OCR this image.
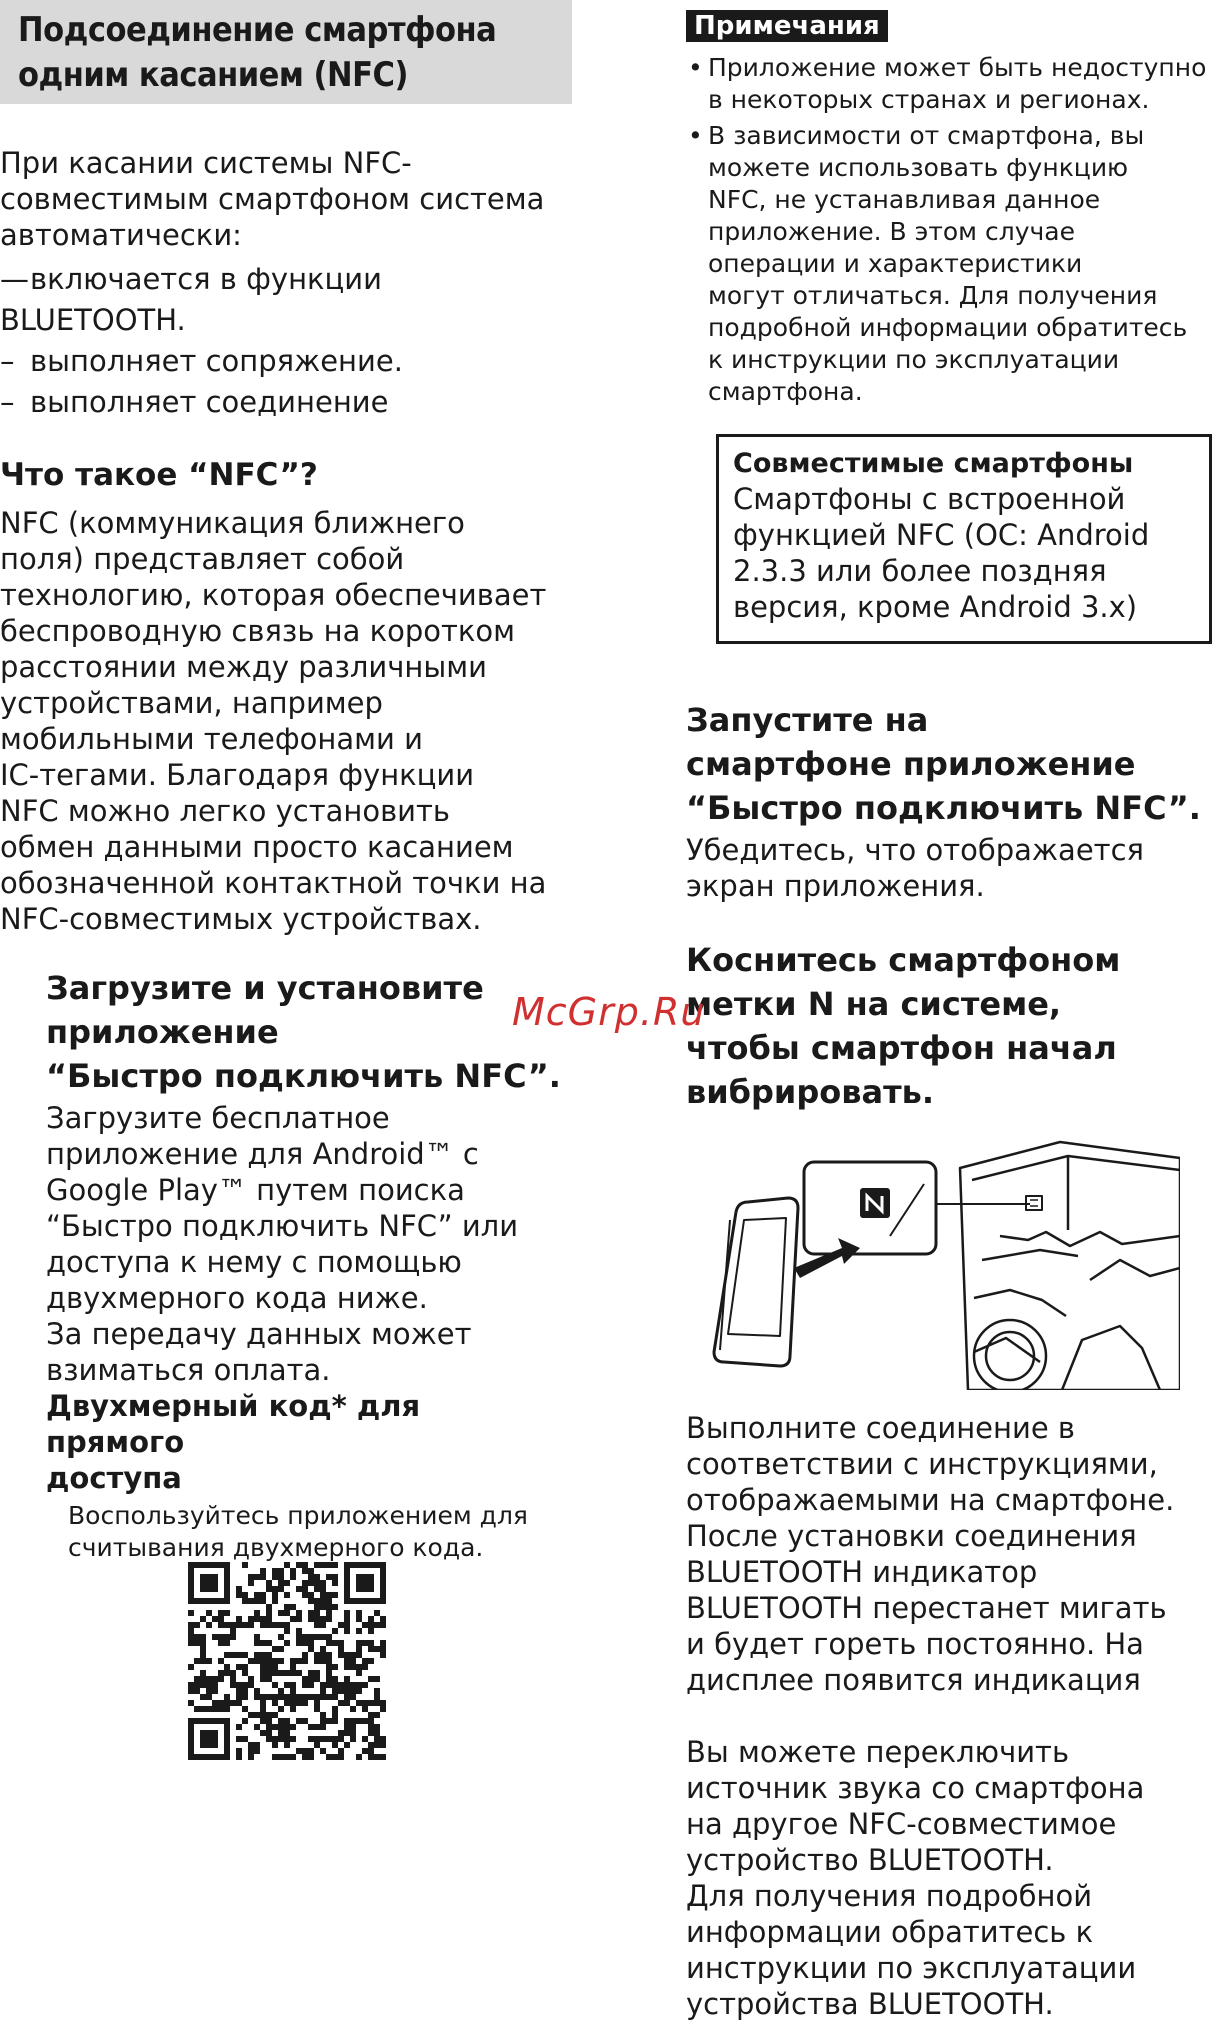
Подсоединение смартфона
одним касанием (NFC)

При касании системы NFC-

совместимым смартфоном система

автоматически:

—включается в функции BLUETOOTH.
– выполняет сопряжение.
– выполняет соединение
Что такое “NFC”?
NFC (коммуникация ближнего
поля) представляет собой
технологию, которая обеспечивает
беспроводную связь на коротком
расстоянии между различными
устройствами, например
мобильными телефонами и
IC-тегами. Благодаря функции
NFC можно легко установить
обмен данными просто касанием
обозначенной контактной точки на
NFC-совместимых устройствах.
Загрузите и установите
приложение
“Быстро подключить NFC”.
Загрузите бесплатное
приложение для Android™ с
Google Play™ путем поиска
“Быстро подключить NFC” или
доступа к нему с помощью
двухмерного кода ниже.
За передачу данных может
взиматься оплата.
Двухмерный код* для прямого
доступа
Воспользуйтесь приложением для
считывания двухмерного кода.
Примечания
• Приложение может быть недоступно
в некоторых странах и регионах.
• В зависимости от смартфона, вы
можете использовать функцию
NFC, не устанавливая данное
приложение. В этом случае
операции и характеристики
могут отличаться. Для получения
подробной информации обратитесь
к инструкции по эксплуатации
смартфона.

Совместимые смартфоны

Смартфоны с встроенной
функцией NFC (ОС: Android
2.3.3 или более поздняя
версия, кроме Android 3.x)
Запустите на
смартфоне приложение
“Быстро подключить NFC”.
Убедитесь, что отображается
экран приложения.
Коснитесь смартфоном
метки N на системе,
чтобы смартфон начал
вибрировать.
Выполните соединение в
соответствии с инструкциями,
отображаемыми на смартфоне.
После установки соединения
BLUETOOTH индикатор
BLUETOOTH перестанет мигать
и будет гореть постоянно. На
дисплее появится индикация
Вы можете переключить
источник звука со смартфона
на другое NFC-совместимое
устройство BLUETOOTH.
Для получения подробной
информации обратитесь к
инструкции по эксплуатации
устройства BLUETOOTH.
McGrp.Ru
